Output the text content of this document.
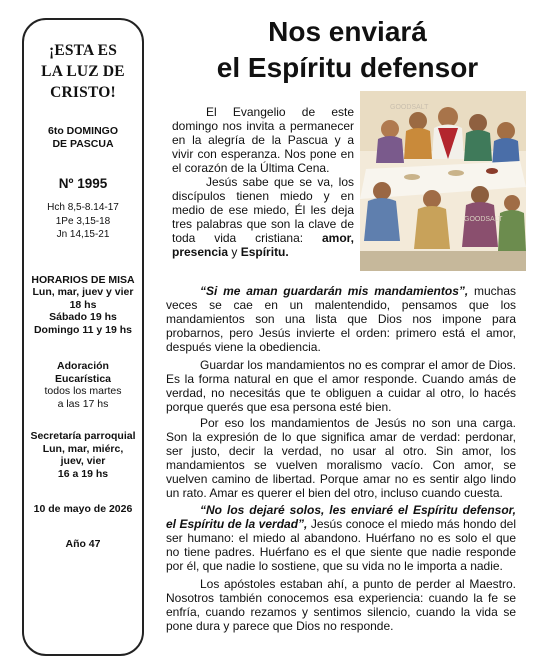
¡ESTA ES
LA LUZ DE
CRISTO!
6to DOMINGO
DE PASCUA
Nº 1995
Hch 8,5-8.14-17
1Pe 3,15-18
Jn 14,15-21
HORARIOS DE MISA
Lun, mar, juev y vier
18 hs
Sábado 19 hs
Domingo 11 y 19 hs
Adoración
Eucarística
todos los martes
a las 17 hs
Secretaría parroquial
Lun, mar, miérc,
juev, vier
16 a 19 hs
10 de mayo de 2026
Año 47
Nos enviará
el Espíritu defensor
GOODSALT
GOODSALT

El Evangelio de este domingo nos invita a permanecer en la alegría de la Pascua y a vivir con esperanza. Nos pone en el corazón de la Última Cena.

Jesús sabe que se va, los discípulos tienen miedo y en medio de ese miedo, Él les deja tres palabras que son la clave de toda vida cristiana: amor, presencia y Espíritu.

“Si me aman guardarán mis mandamientos”, muchas veces se cae en un malentendido, pensamos que los mandamientos son una lista que Dios nos impone para probarnos, pero Jesús invierte el orden: primero está el amor, después viene la obediencia.

Guardar los mandamientos no es comprar el amor de Dios. Es la forma natural en que el amor responde. Cuando amás de verdad, no necesitás que te obliguen a cuidar al otro, lo hacés porque querés que esa persona esté bien.

Por eso los mandamientos de Jesús no son una carga. Son la expresión de lo que significa amar de verdad: perdonar, ser justo, decir la verdad, no usar al otro. Sin amor, los mandamientos se vuelven moralismo vacío. Con amor, se vuelven camino de libertad. Porque amar no es sentir algo lindo un rato. Amar es querer el bien del otro, incluso cuando cuesta.

“No los dejaré solos, les enviaré el Espíritu defensor, el Espíritu de la verdad”, Jesús conoce el miedo más hondo del ser humano: el miedo al abandono. Huérfano no es solo el que no tiene padres. Huérfano es el que siente que nadie responde por él, que nadie lo sostiene, que su vida no le importa a nadie.

Los apóstoles estaban ahí, a punto de perder al Maestro. Nosotros también conocemos esa experiencia: cuando la fe se enfría, cuando rezamos y sentimos silencio, cuando la vida se pone dura y parece que Dios no responde.
